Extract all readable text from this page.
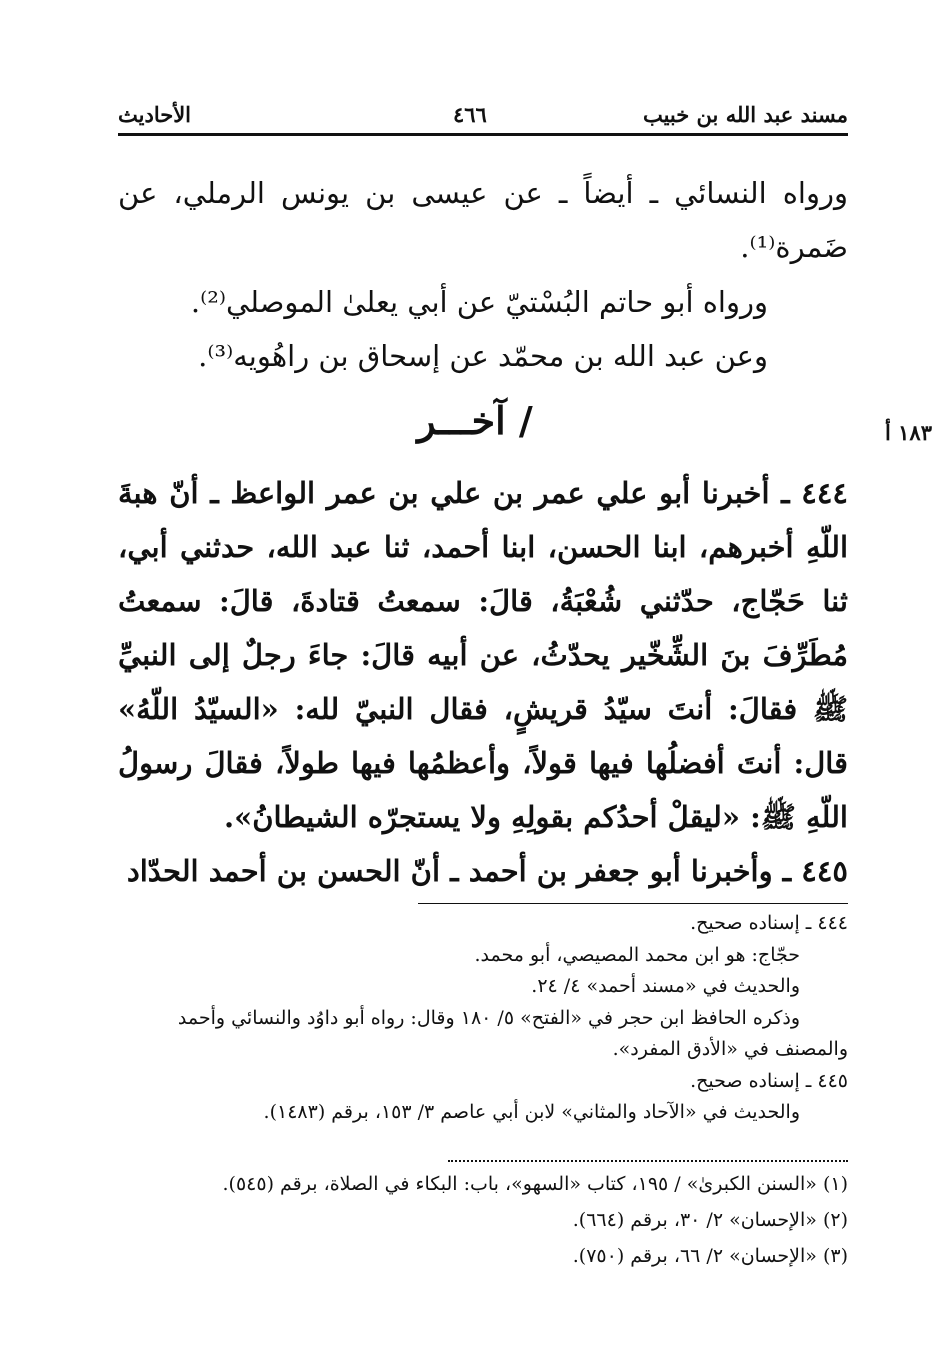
مسند عبد الله بن خبيب
٤٦٦
الأحاديث
ورواه النسائي ـ أيضاً ـ عن عيسى بن يونس الرملي، عن ضَمرة⁽¹⁾.
ورواه أبو حاتم البُسْتيّ عن أبي يعلىٰ الموصلي⁽²⁾.
وعن عبد الله بن محمّد عن إسحاق بن راهُويه⁽³⁾.
/ آخـــر	١٨٣ أ
٤٤٤ ـ أخبرنا أبو علي عمر بن علي بن عمر الواعظ ـ أنّ هبةَ اللّهِ أخبرهم، ابنا الحسن، ابنا أحمد، ثنا عبد الله، حدثني أبي، ثنا حَجّاج، حدّثني شُعْبَةُ، قالَ: سمعتُ قتادةَ، قالَ: سمعتُ مُطَرِّفَ بنَ الشِّخّير يحدّثُ، عن أبيه قالَ: جاءَ رجلٌ إلى النبيِّ ﷺ فقالَ: أنتَ سيّدُ قريشٍ، فقال النبيّ لله: «السيّدُ اللّهُ» قال: أنتَ أفضلُها فيها قولاً، وأعظمُها فيها طولاً، فقالَ رسولُ اللّهِ ﷺ: «ليقلْ أحدُكم بقولِهِ ولا يستجرّه الشيطانُ».
٤٤٥ ـ وأخبرنا أبو جعفر بن أحمد ـ أنّ الحسن بن أحمد الحدّاد
٤٤٤ ـ إسناده صحيح.
حجّاج: هو ابن محمد المصيصي، أبو محمد.
والحديث في «مسند أحمد» ٤/ ٢٤.
وذكره الحافظ ابن حجر في «الفتح» ٥/ ١٨٠ وقال: رواه أبو داوُد والنسائي وأحمد
والمصنف في «الأدق المفرد».
٤٤٥ ـ إسناده صحيح.
والحديث في «الآحاد والمثاني» لابن أبي عاصم ٣/ ١٥٣، برقم (١٤٨٣).
(١) «السنن الكبرىٰ» / ١٩٥، كتاب «السهو»، باب: البكاء في الصلاة، برقم (٥٤٥).
(٢) «الإحسان» ٢/ ٣٠، برقم (٦٦٤).
(٣) «الإحسان» ٢/ ٦٦، برقم (٧٥٠).
